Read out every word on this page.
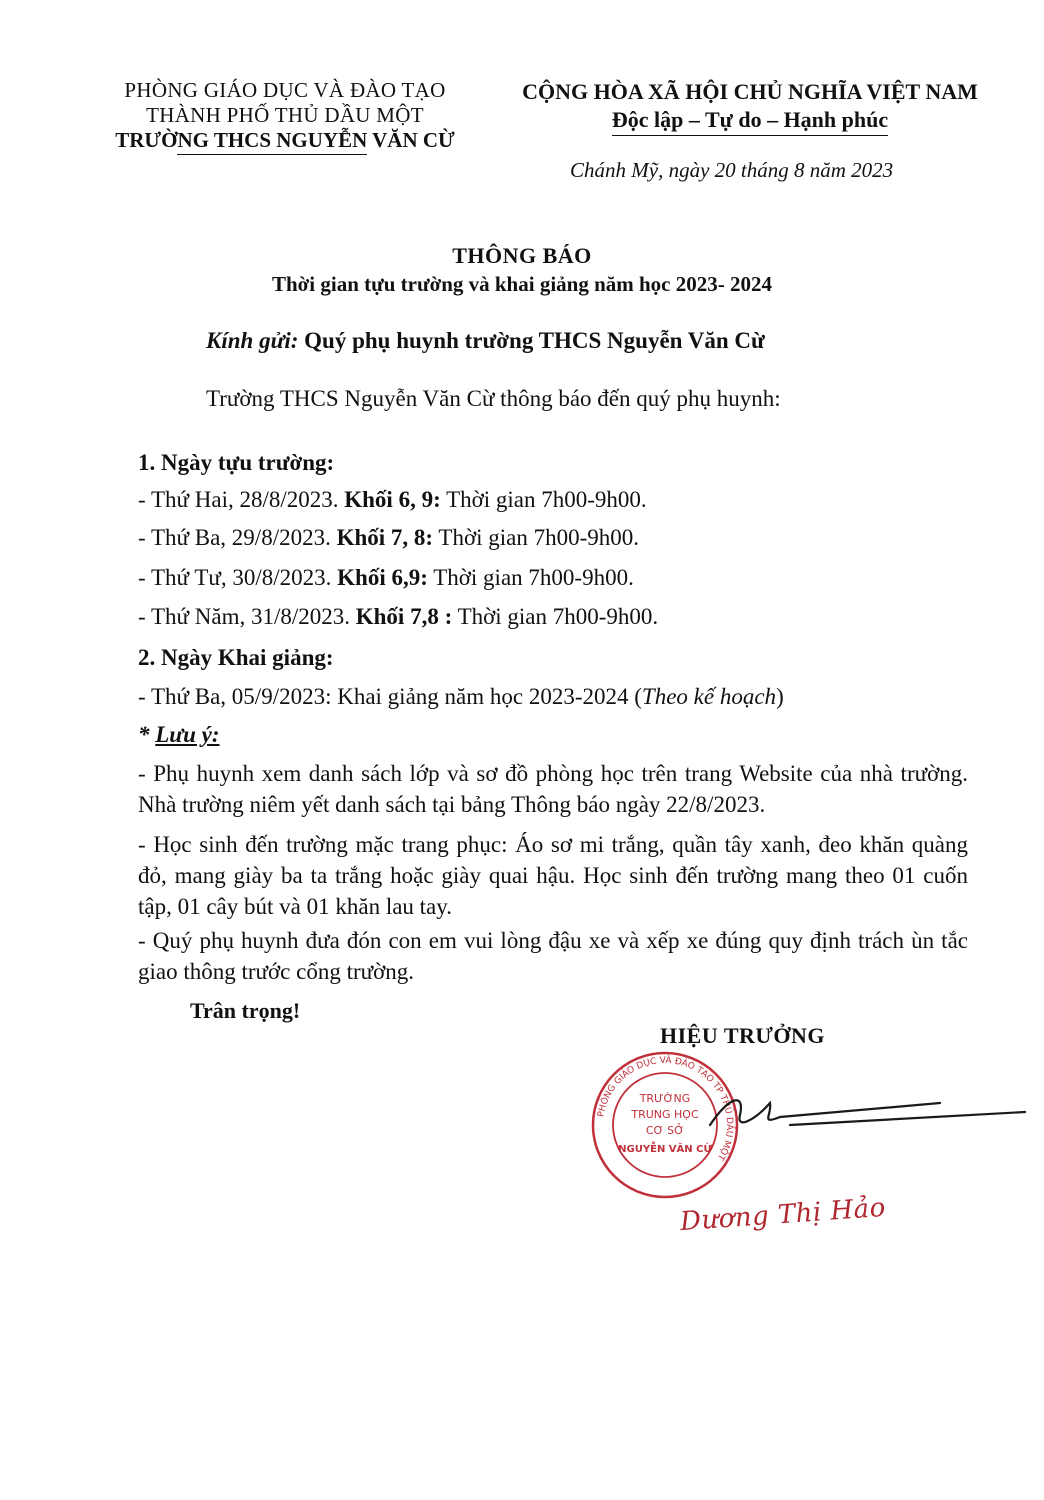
PHÒNG GIÁO DỤC VÀ ĐÀO TẠO
THÀNH PHỐ THỦ DẦU MỘT
TRƯỜNG THCS NGUYỄN VĂN CỪ
CỘNG HÒA XÃ HỘI CHỦ NGHĨA VIỆT NAM
Độc lập – Tự do – Hạnh phúc
Chánh Mỹ, ngày 20 tháng 8 năm 2023
THÔNG BÁO
Thời gian tựu trường và khai giảng năm học 2023- 2024
Kính gửi: Quý phụ huynh trường THCS Nguyễn Văn Cừ
Trường THCS Nguyễn Văn Cừ thông báo đến quý phụ huynh:
1. Ngày tựu trường:
- Thứ Hai, 28/8/2023. Khối 6, 9: Thời gian 7h00-9h00.
- Thứ Ba, 29/8/2023. Khối 7, 8: Thời gian 7h00-9h00.
- Thứ Tư, 30/8/2023. Khối 6,9: Thời gian 7h00-9h00.
- Thứ Năm, 31/8/2023. Khối 7,8 : Thời gian 7h00-9h00.
2. Ngày Khai giảng:
- Thứ Ba, 05/9/2023: Khai giảng năm học 2023-2024 (Theo kế hoạch)
* Lưu ý:
- Phụ huynh xem danh sách lớp và sơ đồ phòng học trên trang Website của nhà trường. Nhà trường niêm yết danh sách tại bảng Thông báo ngày 22/8/2023.
- Học sinh đến trường mặc trang phục: Áo sơ mi trắng, quần tây xanh, đeo khăn quàng đỏ, mang giày ba ta trắng hoặc giày quai hậu. Học sinh đến trường mang theo 01 cuốn tập, 01 cây bút và 01 khăn lau tay.
- Quý phụ huynh đưa đón con em vui lòng đậu xe và xếp xe đúng quy định trách ùn tắc giao thông trước cổng trường.
Trân trọng!
HIỆU TRƯỞNG
PHÒNG GIÁO DỤC VÀ ĐÀO TẠO TP THỦ DẦU MỘT
TRƯỜNG
TRUNG HỌC
CƠ SỞ
NGUYỄN VĂN CỪ
Dương Thị Hảo
